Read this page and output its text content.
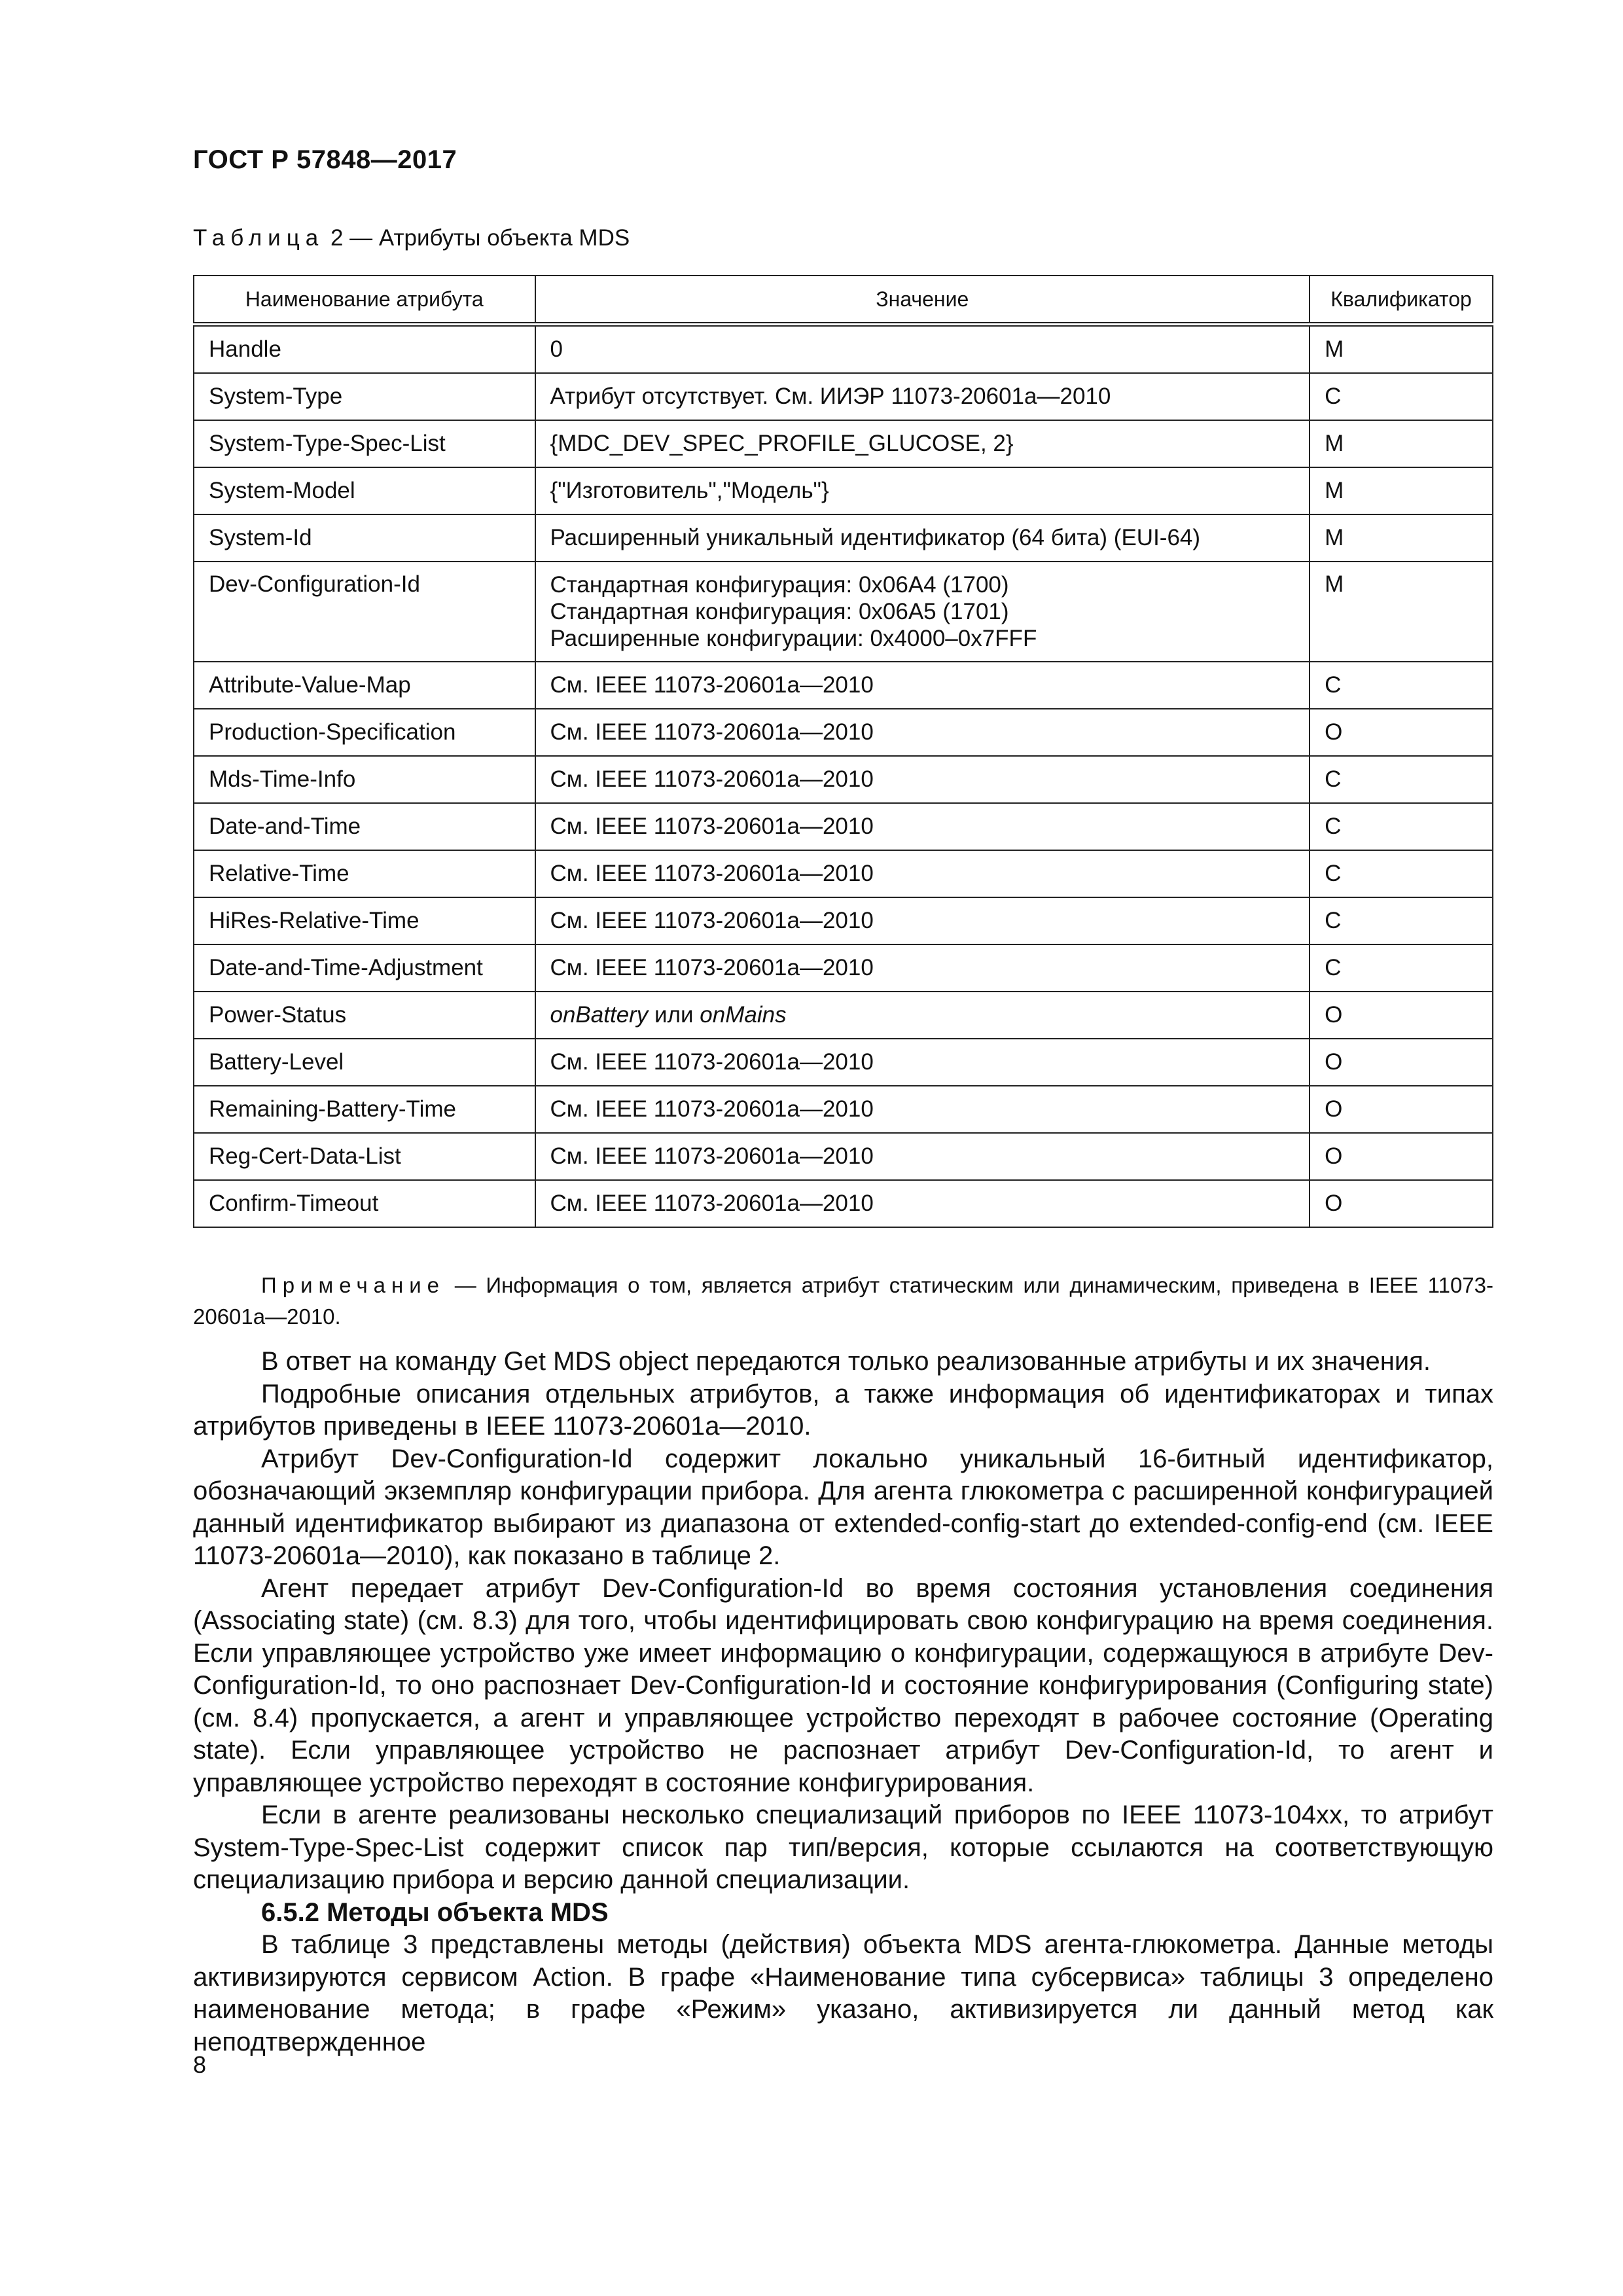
ГОСТ Р 57848—2017
Таблица 2 — Атрибуты объекта MDS
Наименование атрибута	Значение	Квалификатор
Handle	0	M
System-Type	Атрибут отсутствует. См. ИИЭР 11073-20601a—2010	C
System-Type-Spec-List	{MDC_DEV_SPEC_PROFILE_GLUCOSE, 2}	M
System-Model	{"Изготовитель","Модель"}	M
System-Id	Расширенный уникальный идентификатор (64 бита) (EUI-64)	M
Dev-Configuration-Id	Стандартная конфигурация: 0x06A4 (1700)
Стандартная конфигурация: 0x06A5 (1701)
Расширенные конфигурации: 0x4000–0x7FFF	M
Attribute-Value-Map	См. IEEE 11073-20601a—2010	C
Production-Specification	См. IEEE 11073-20601a—2010	O
Mds-Time-Info	См. IEEE 11073-20601a—2010	C
Date-and-Time	См. IEEE 11073-20601a—2010	C
Relative-Time	См. IEEE 11073-20601a—2010	C
HiRes-Relative-Time	См. IEEE 11073-20601a—2010	C
Date-and-Time-Adjustment	См. IEEE 11073-20601a—2010	C
Power-Status	onBattery или onMains	O
Battery-Level	См. IEEE 11073-20601a—2010	O
Remaining-Battery-Time	См. IEEE 11073-20601a—2010	O
Reg-Cert-Data-List	См. IEEE 11073-20601a—2010	O
Confirm-Timeout	См. IEEE 11073-20601a—2010	O
Примечание — Информация о том, является атрибут статическим или динамическим, приведена в IEEE 11073-20601a—2010.

В ответ на команду Get MDS object передаются только реализованные атрибуты и их значения.

Подробные описания отдельных атрибутов, а также информация об идентификаторах и типах атрибутов приведены в IEEE 11073-20601a—2010.

Атрибут Dev-Configuration-Id содержит локально уникальный 16-битный идентификатор, обозначающий экземпляр конфигурации прибора. Для агента глюкометра с расширенной конфигурацией данный идентификатор выбирают из диапазона от extended-config-start до extended-config-end (см. IEEE 11073-20601a—2010), как показано в таблице 2.

Агент передает атрибут Dev-Configuration-Id во время состояния установления соединения (Associating state) (см. 8.3) для того, чтобы идентифицировать свою конфигурацию на время соединения. Если управляющее устройство уже имеет информацию о конфигурации, содержащуюся в атрибуте Dev-Configuration-Id, то оно распознает Dev-Configuration-Id и состояние конфигурирования (Configuring state) (см. 8.4) пропускается, а агент и управляющее устройство переходят в рабочее состояние (Operating state). Если управляющее устройство не распознает атрибут Dev-Configuration-Id, то агент и управляющее устройство переходят в состояние конфигурирования.

Если в агенте реализованы несколько специализаций приборов по IEEE 11073-104xx, то атрибут System-Type-Spec-List содержит список пар тип/версия, которые ссылаются на соответствующую специализацию прибора и версию данной специализации.

6.5.2 Методы объекта MDS

В таблице 3 представлены методы (действия) объекта MDS агента-глюкометра. Данные методы активизируются сервисом Action. В графе «Наименование типа субсервиса» таблицы 3 определено наименование метода; в графе «Режим» указано, активизируется ли данный метод как неподтвержденное

8
